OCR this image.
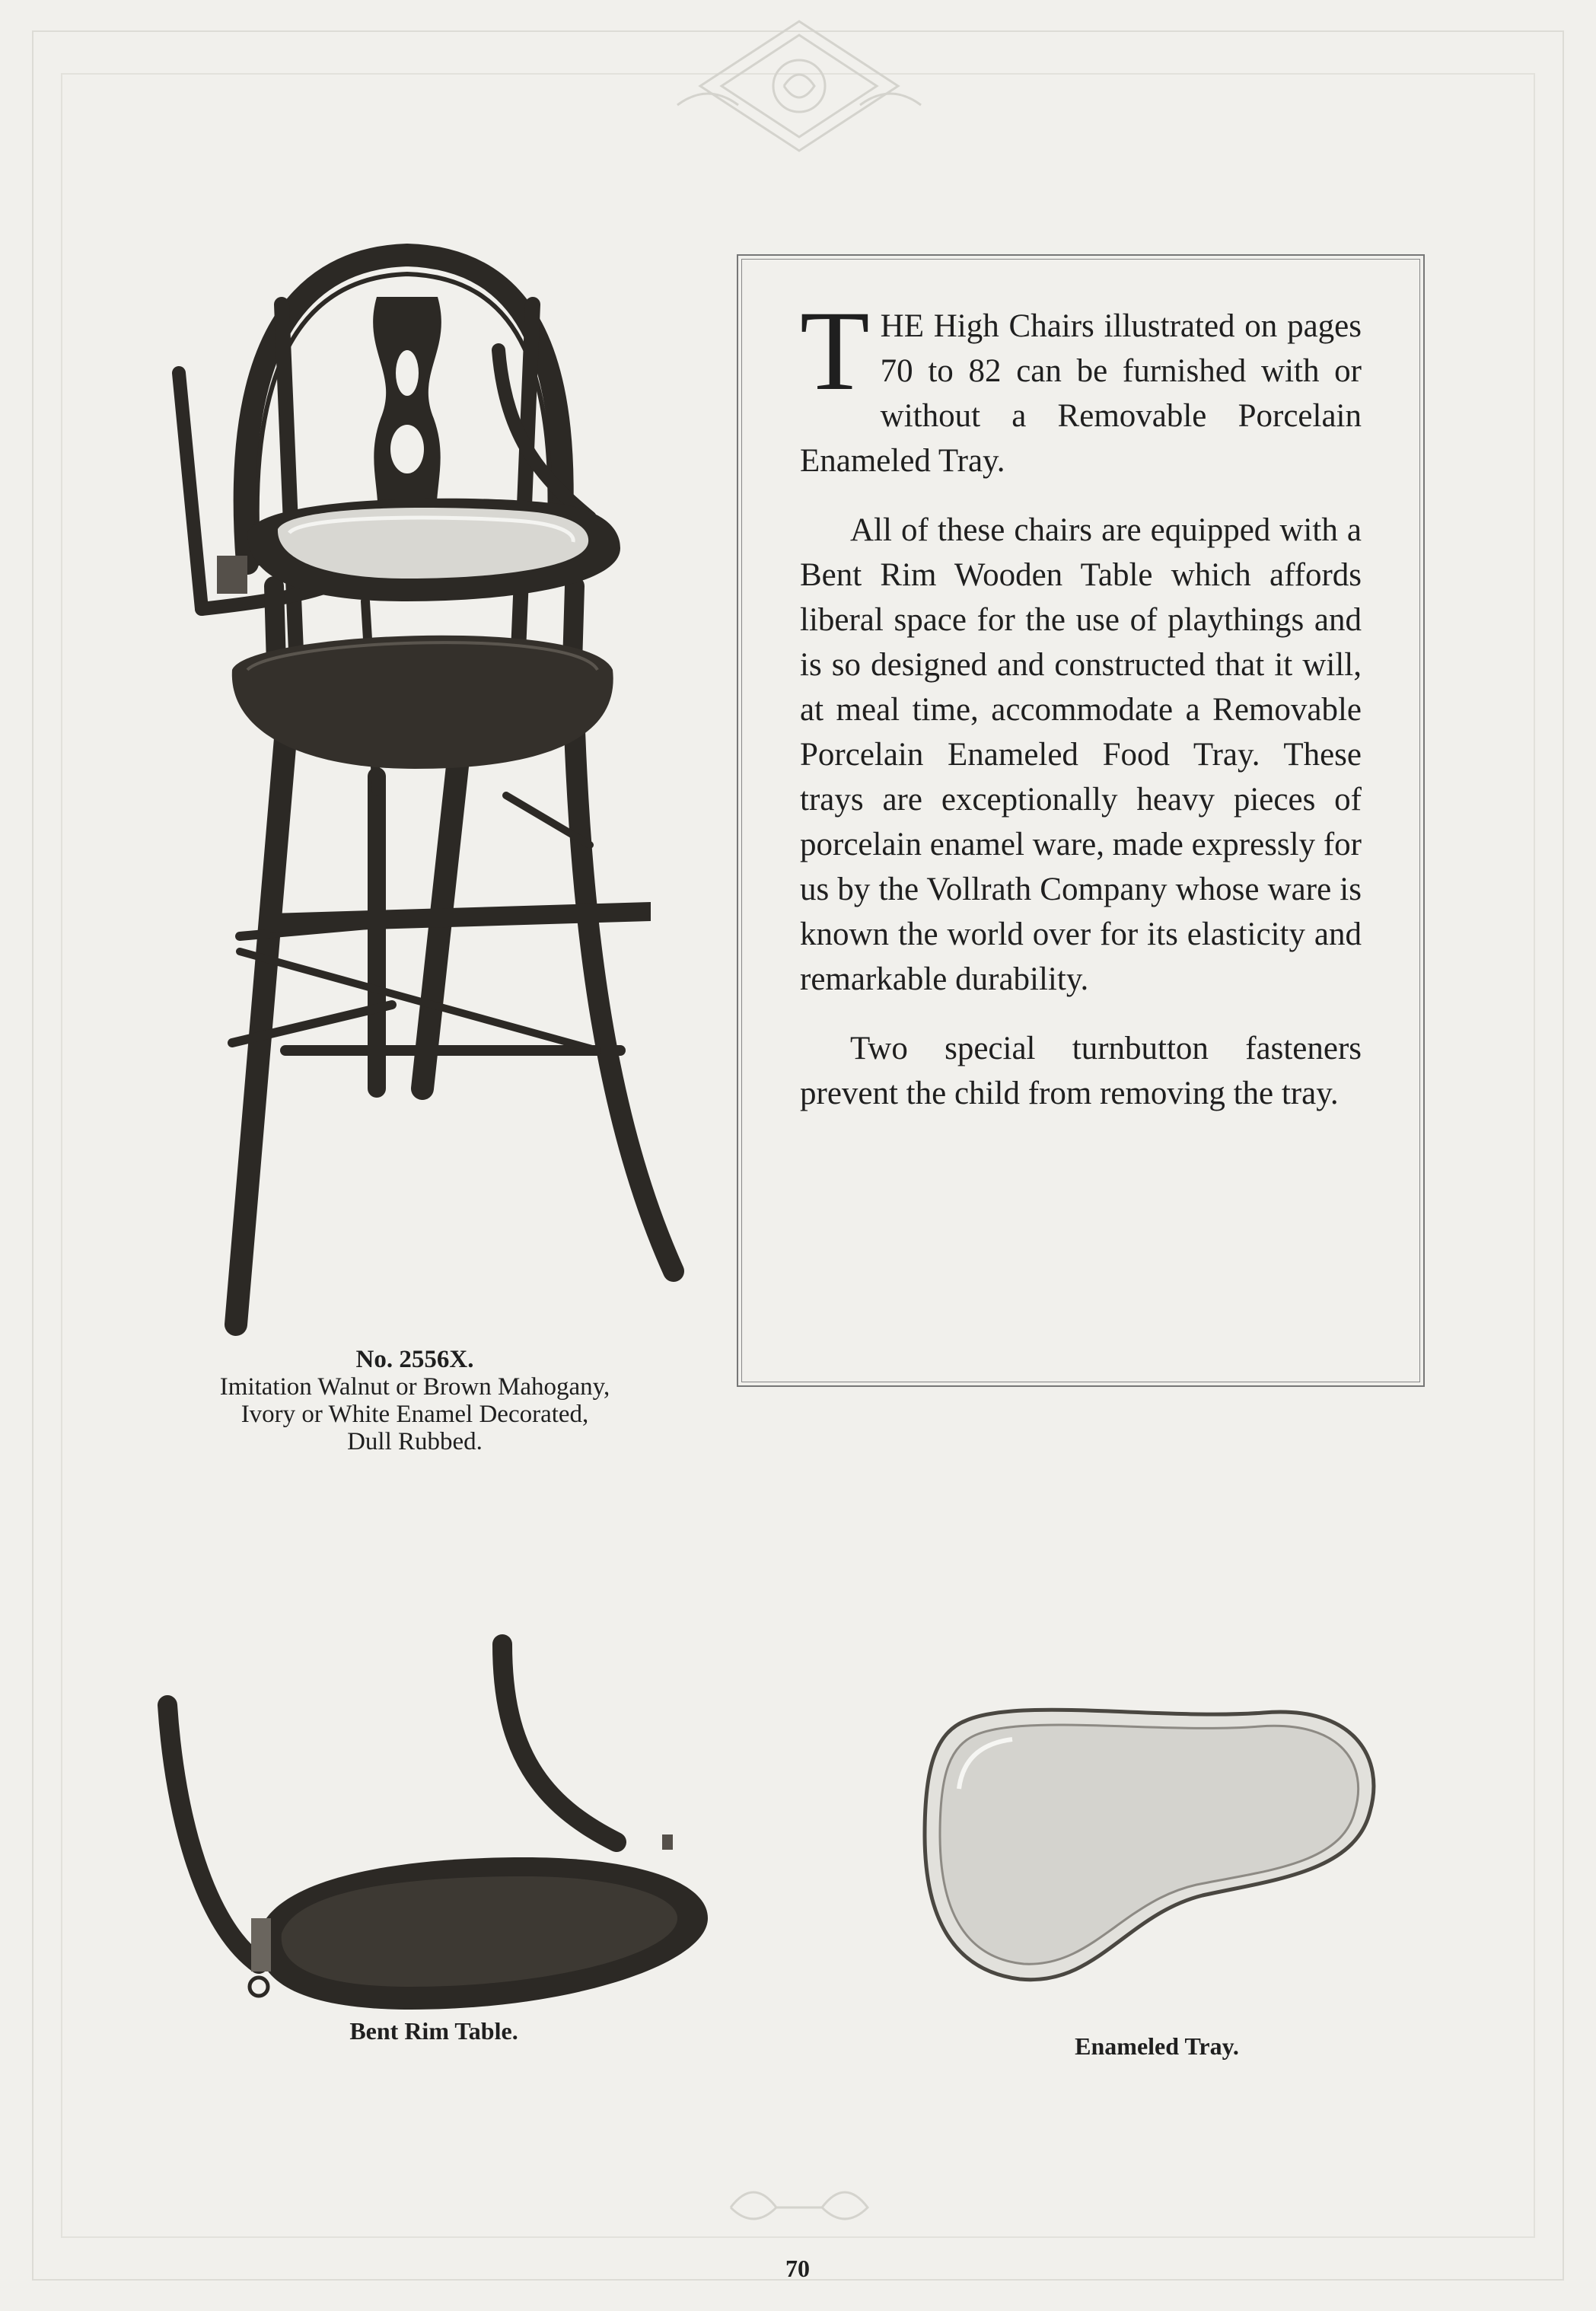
No. 2556X.
Imitation Walnut or Brown Mahogany,
Ivory or White Enamel Decorated,
Dull Rubbed.

THE High Chairs illustrated on pages 70 to 82 can be furnished with or without a Removable Porcelain Enameled Tray.

All of these chairs are equipped with a Bent Rim Wooden Table which affords liberal space for the use of playthings and is so designed and constructed that it will, at meal time, accommodate a Removable Porcelain Enameled Food Tray. These trays are exceptionally heavy pieces of porcelain enamel ware, made expressly for us by the Vollrath Company whose ware is known the world over for its elasticity and remarkable durability.

Two special turnbutton fasteners prevent the child from removing the tray.

Bent Rim Table.
Enameled Tray.
70
